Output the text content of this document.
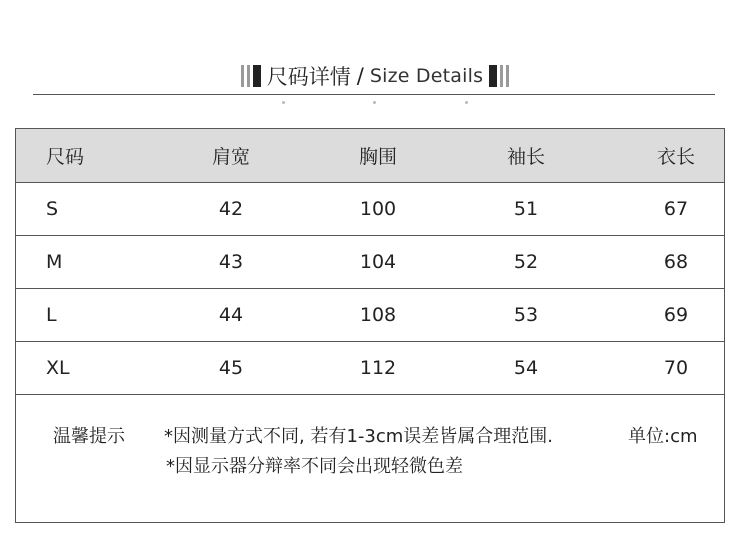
尺码详情 / Size Details
尺码	肩宽	胸围	袖长	衣长
S	42	100	51	67
M	43	104	52	68
L	44	108	53	69
XL	45	112	54	70
温馨提示 *因测量方式不同, 若有1-3cm误差皆属合理范围.	单位:cm
*因显示器分辩率不同会出现轻微色差
